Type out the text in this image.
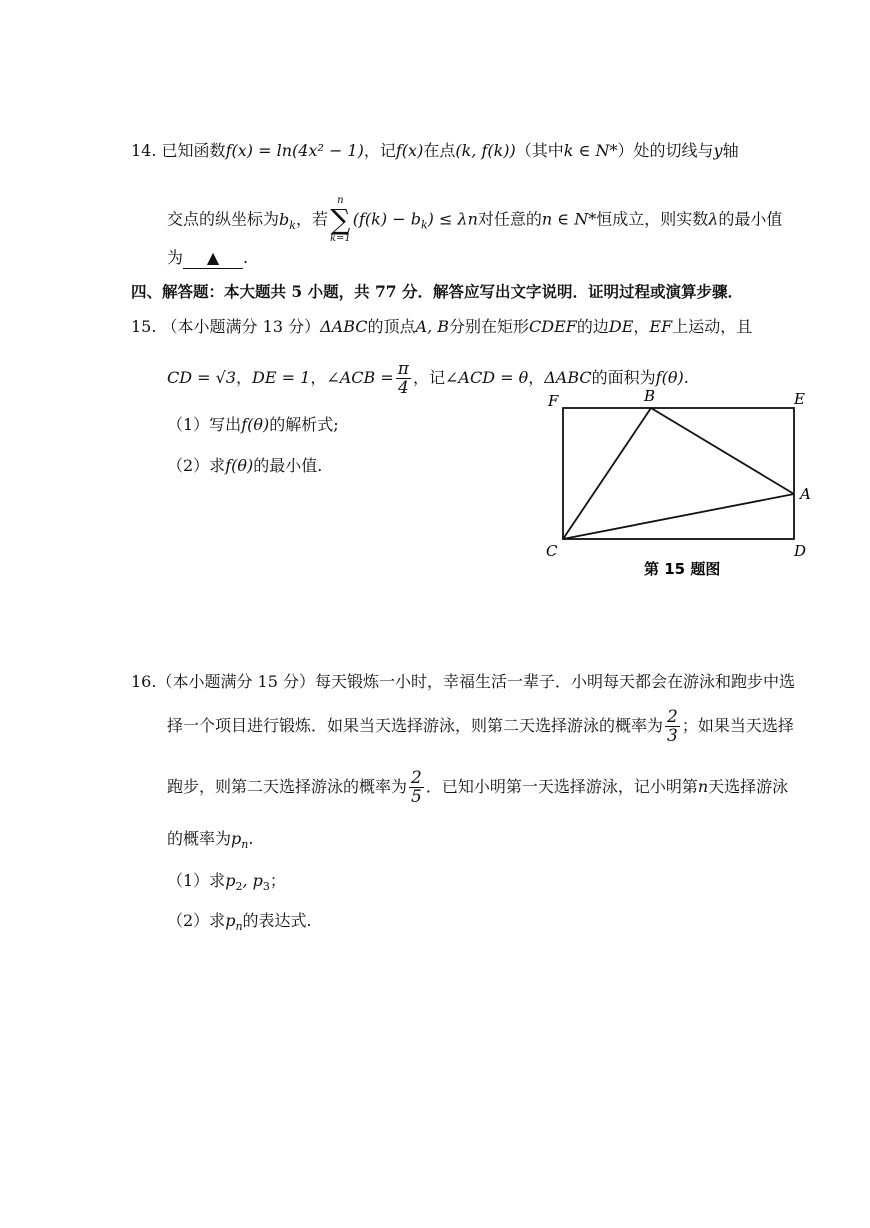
14. 已知函数f(x) = ln(4x² − 1)，记f(x)在点(k, f(k))（其中k ∈ N*）处的切线与y轴
交点的纵坐标为$b_k$，若
n
∑
k=1
$(f(k) - b_k) \le \lambda n$对任意的n ∈ N*恒成立，则实数λ的最小值
为 ▲ .
四、解答题：本大题共 5 小题，共 77 分．解答应写出文字说明．证明过程或演算步骤．
15. （本小题满分 13 分）ΔABC的顶点A, B分别在矩形CDEF的边DE，EF上运动，且
CD = √3，DE = 1，∠ACB = $\frac{\pi}{4}$ ，记∠ACD = θ，ΔABC的面积为f(θ).
（1）写出f(θ)的解析式;
（2）求f(θ)的最小值.
F	B	E
A
C	D
第 15 题图
16.（本小题满分 15 分）每天锻炼一小时，幸福生活一辈子．小明每天都会在游泳和跑步中选
择一个项目进行锻炼．如果当天选择游泳，则第二天选择游泳的概率为 $\frac{2}{3}$ ；如果当天选择
跑步，则第二天选择游泳的概率为 $\frac{2}{5}$ ．已知小明第一天选择游泳，记小明第n天选择游泳
的概率为$p_n$.
（1）求$p_2$, $p_3$；
（2）求$p_n$的表达式.
